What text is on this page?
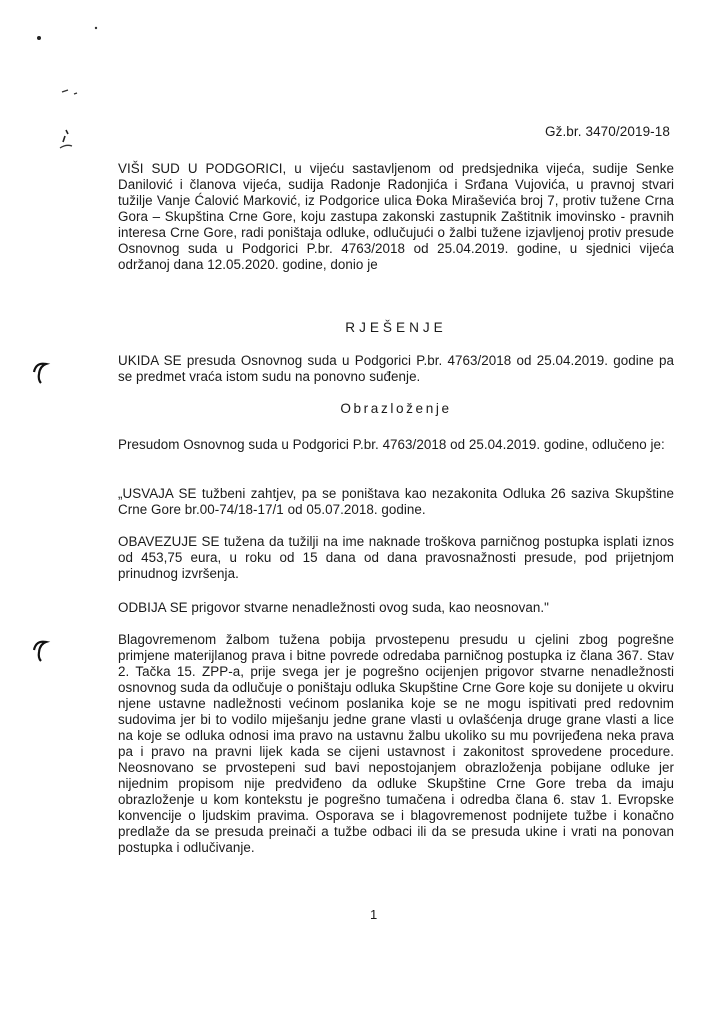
Gž.br. 3470/2019-18
VIŠI SUD U PODGORICI, u vijeću sastavljenom od predsjednika vijeća, sudije Senke Danilović i članova vijeća, sudija Radonje Radonjića i Srđana Vujovića, u pravnoj stvari tužilje Vanje Ćalović Marković, iz Podgorice ulica Đoka Miraševića broj 7, protiv tužene Crna Gora – Skupština Crne Gore, koju zastupa zakonski zastupnik Zaštitnik imovinsko - pravnih interesa Crne Gore, radi poništaja odluke, odlučujući o žalbi tužene izjavljenoj protiv presude Osnovnog suda u Podgorici P.br. 4763/2018 od 25.04.2019. godine, u sjednici vijeća održanoj dana 12.05.2020. godine, donio je
RJEŠENJE
UKIDA SE presuda Osnovnog suda u Podgorici P.br. 4763/2018 od 25.04.2019. godine pa se predmet vraća istom sudu na ponovno suđenje.
Obrazloženje
Presudom Osnovnog suda u Podgorici P.br. 4763/2018 od 25.04.2019. godine, odlučeno je:
„USVAJA SE tužbeni zahtjev, pa se poništava kao nezakonita Odluka 26 saziva Skupštine Crne Gore br.00-74/18-17/1 od 05.07.2018. godine.
OBAVEZUJE SE tužena da tužilji na ime naknade troškova parničnog postupka isplati iznos od 453,75 eura, u roku od 15 dana od dana pravosnažnosti presude, pod prijetnjom prinudnog izvršenja.
ODBIJA SE prigovor stvarne nenadležnosti ovog suda, kao neosnovan."
Blagovremenom žalbom tužena pobija prvostepenu presudu u cjelini zbog pogrešne primjene materijlanog prava i bitne povrede odredaba parničnog postupka iz člana 367. Stav 2. Tačka 15. ZPP-a, prije svega jer je pogrešno ocijenjen prigovor stvarne nenadležnosti osnovnog suda da odlučuje o poništaju odluka Skupštine Crne Gore koje su donijete u okviru njene ustavne nadležnosti većinom poslanika koje se ne mogu ispitivati pred redovnim sudovima jer bi to vodilo miješanju jedne grane vlasti u ovlašćenja druge grane vlasti a lice na koje se odluka odnosi ima pravo na ustavnu žalbu ukoliko su mu povrijeđena neka prava pa i pravo na pravni lijek kada se cijeni ustavnost i zakonitost sprovedene procedure. Neosnovano se prvostepeni sud bavi nepostojanjem obrazloženja pobijane odluke jer nijednim propisom nije predviđeno da odluke Skupštine Crne Gore treba da imaju obrazloženje u kom kontekstu je pogrešno tumačena i odredba člana 6. stav 1. Evropske konvencije o ljudskim pravima. Osporava se i blagovremenost podnijete tužbe i konačno predlaže da se presuda preinači a tužbe odbaci ili da se presuda ukine i vrati na ponovan postupka i odlučivanje.
1
